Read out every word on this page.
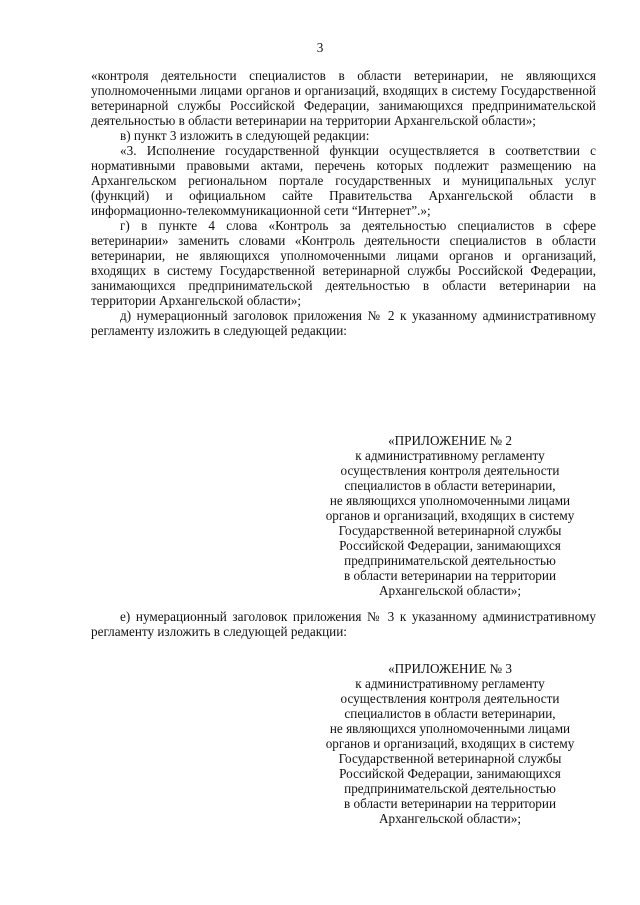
3

«контроля деятельности специалистов в области ветеринарии, не являющихся уполномоченными лицами органов и организаций, входящих в систему Государственной ветеринарной службы Российской Федерации, занимающихся предпринимательской деятельностью в области ветеринарии на территории Архангельской области»;

в) пункт 3 изложить в следующей редакции:

«3. Исполнение государственной функции осуществляется в соответствии с нормативными правовыми актами, перечень которых подлежит размещению на Архангельском региональном портале государственных и муниципальных услуг (функций) и официальном сайте Правительства Архангельской области в информационно-телекоммуникационной сети “Интернет”.»;

г) в пункте 4 слова «Контроль за деятельностью специалистов в сфере ветеринарии» заменить словами «Контроль деятельности специалистов в области ветеринарии, не являющихся уполномоченными лицами органов и организаций, входящих в систему Государственной ветеринарной службы Российской Федерации, занимающихся предпринимательской деятельностью в области ветеринарии на территории Архангельской области»;

д) нумерационный заголовок приложения № 2 к указанному административному регламенту изложить в следующей редакции:

«ПРИЛОЖЕНИЕ № 2
к административному регламенту
осуществления контроля деятельности
специалистов в области ветеринарии,
не являющихся уполномоченными лицами
органов и организаций, входящих в систему
Государственной ветеринарной службы
Российской Федерации, занимающихся
предпринимательской деятельностью
в области ветеринарии на территории
Архангельской области»;

е) нумерационный заголовок приложения № 3 к указанному административному регламенту изложить в следующей редакции:

«ПРИЛОЖЕНИЕ № 3
к административному регламенту
осуществления контроля деятельности
специалистов в области ветеринарии,
не являющихся уполномоченными лицами
органов и организаций, входящих в систему
Государственной ветеринарной службы
Российской Федерации, занимающихся
предпринимательской деятельностью
в области ветеринарии на территории
Архангельской области»;
